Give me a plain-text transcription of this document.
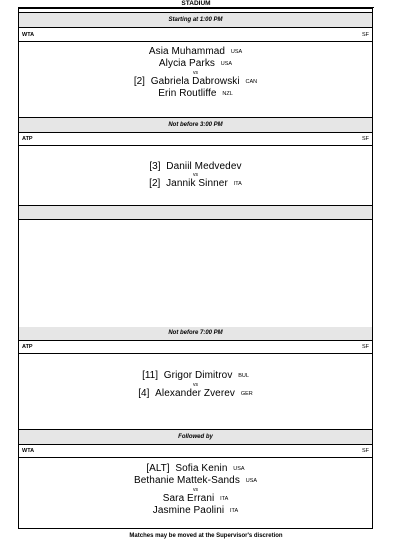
STADIUM
Starting at 1:00 PM
WTA	SF
Asia Muhammad USA
Alycia Parks USA
vs
[2] Gabriela Dabrowski CAN
Erin Routliffe NZL
Not before 3:00 PM
ATP	SF
[3] Daniil Medvedev
vs
[2] Jannik Sinner ITA
Not before 7:00 PM
ATP	SF
[11] Grigor Dimitrov BUL
vs
[4] Alexander Zverev GER
Followed by
WTA	SF
[ALT] Sofia Kenin USA
Bethanie Mattek-Sands USA
vs
Sara Errani ITA
Jasmine Paolini ITA
Matches may be moved at the Supervisor's discretion
